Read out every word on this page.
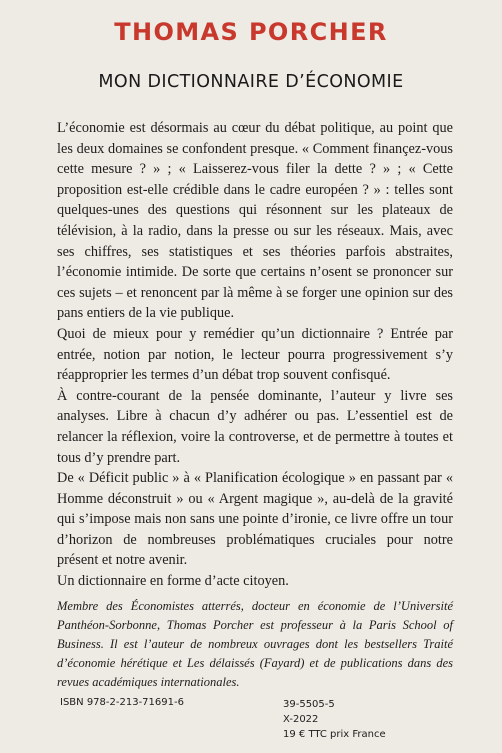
THOMAS PORCHER
MON DICTIONNAIRE D’ÉCONOMIE

L’économie est désormais au cœur du débat politique, au point que les deux domaines se confondent presque. « Comment finançez-vous cette mesure ? » ; « Laisserez-vous filer la dette ? » ; « Cette proposition est-elle crédible dans le cadre européen ? » : telles sont quelques-unes des questions qui résonnent sur les plateaux de télévision, à la radio, dans la presse ou sur les réseaux. Mais, avec ses chiffres, ses statistiques et ses théories parfois abstraites, l’économie intimide. De sorte que certains n’osent se prononcer sur ces sujets – et renoncent par là même à se forger une opinion sur des pans entiers de la vie publique.

Quoi de mieux pour y remédier qu’un dictionnaire ? Entrée par entrée, notion par notion, le lecteur pourra progressivement s’y réapproprier les termes d’un débat trop souvent confisqué.

À contre-courant de la pensée dominante, l’auteur y livre ses analyses. Libre à chacun d’y adhérer ou pas. L’essentiel est de relancer la réflexion, voire la controverse, et de permettre à toutes et tous d’y prendre part.

De « Déficit public » à « Planification écologique » en passant par « Homme déconstruit » ou « Argent magique », au-delà de la gravité qui s’impose mais non sans une pointe d’ironie, ce livre offre un tour d’horizon de nombreuses problématiques cruciales pour notre présent et notre avenir.

Un dictionnaire en forme d’acte citoyen.

Membre des Économistes atterrés, docteur en économie de l’Université Panthéon-Sorbonne, Thomas Porcher est professeur à la Paris School of Business. Il est l’auteur de nombreux ouvrages dont les bestsellers Traité d’économie hérétique et Les délaissés (Fayard) et de publications dans des revues académiques internationales.
ISBN 978-2-213-71691-6	39-5505-5
X-2022
19 € TTC prix France
